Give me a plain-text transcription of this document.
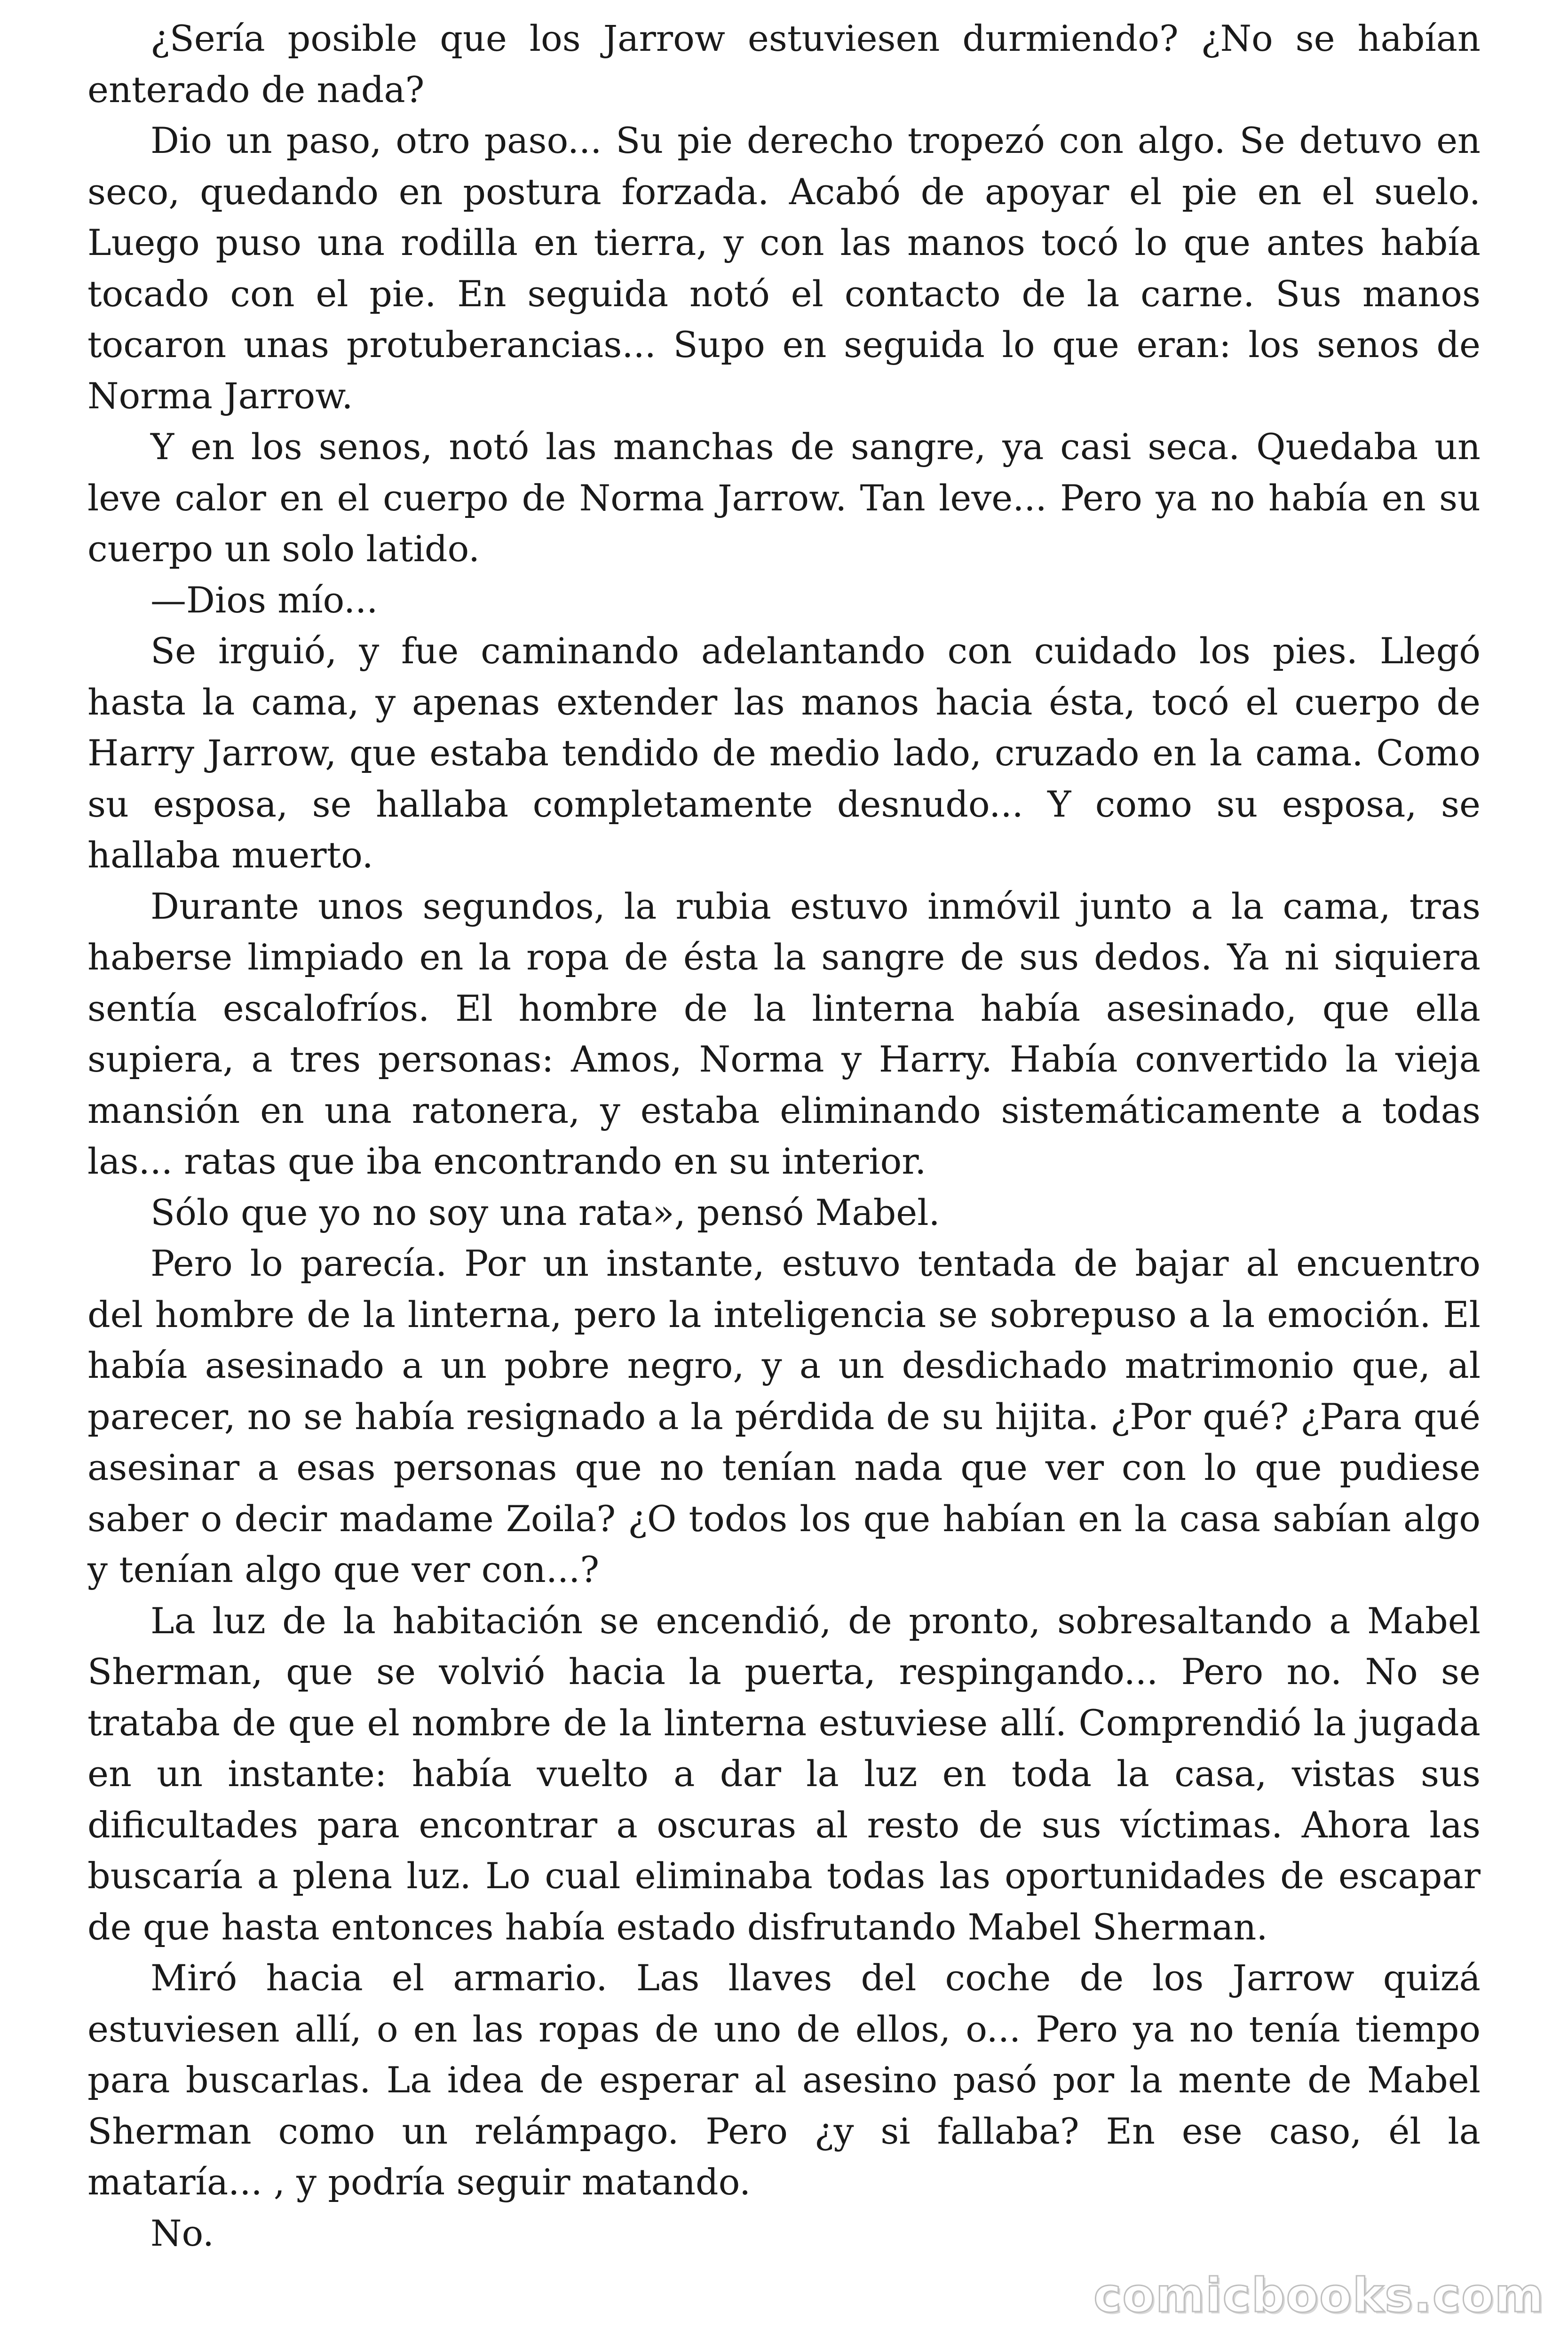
¿Sería posible que los Jarrow estuviesen durmiendo? ¿No se habían enterado de nada?

Dio un paso, otro paso... Su pie derecho tropezó con algo. Se detuvo en seco, quedando en postura forzada. Acabó de apoyar el pie en el suelo. Luego puso una rodilla en tierra, y con las manos tocó lo que antes había tocado con el pie. En seguida notó el contacto de la carne. Sus manos tocaron unas protuberancias... Supo en seguida lo que eran: los senos de Norma Jarrow.

Y en los senos, notó las manchas de sangre, ya casi seca. Quedaba un leve calor en el cuerpo de Norma Jarrow. Tan leve... Pero ya no había en su cuerpo un solo latido.

—Dios mío...

Se irguió, y fue caminando adelantando con cuidado los pies. Llegó hasta la cama, y apenas extender las manos hacia ésta, tocó el cuerpo de Harry Jarrow, que estaba tendido de medio lado, cruzado en la cama. Como su esposa, se hallaba completamente desnudo... Y como su esposa, se hallaba muerto.

Durante unos segundos, la rubia estuvo inmóvil junto a la cama, tras haberse limpiado en la ropa de ésta la sangre de sus dedos. Ya ni siquiera sentía escalofríos. El hombre de la linterna había asesinado, que ella supiera, a tres personas: Amos, Norma y Harry. Había convertido la vieja mansión en una ratonera, y estaba eliminando sistemáticamente a todas las... ratas que iba encontrando en su interior.

Sólo que yo no soy una rata», pensó Mabel.

Pero lo parecía. Por un instante, estuvo tentada de bajar al encuentro del hombre de la linterna, pero la inteligencia se sobrepuso a la emoción. El había asesinado a un pobre negro, y a un desdichado matrimonio que, al parecer, no se había resignado a la pérdida de su hijita. ¿Por qué? ¿Para qué asesinar a esas personas que no tenían nada que ver con lo que pudiese saber o decir madame Zoila? ¿O todos los que habían en la casa sabían algo y tenían algo que ver con...?

La luz de la habitación se encendió, de pronto, sobresaltando a Mabel Sherman, que se volvió hacia la puerta, respingando... Pero no. No se trataba de que el nombre de la linterna estuviese allí. Comprendió la jugada en un instante: había vuelto a dar la luz en toda la casa, vistas sus dificultades para encontrar a oscuras al resto de sus víctimas. Ahora las buscaría a plena luz. Lo cual eliminaba todas las oportunidades de escapar de que hasta entonces había estado disfrutando Mabel Sherman.

Miró hacia el armario. Las llaves del coche de los Jarrow quizá estuviesen allí, o en las ropas de uno de ellos, o... Pero ya no tenía tiempo para buscarlas. La idea de esperar al asesino pasó por la mente de Mabel Sherman como un relámpago. Pero ¿y si fallaba? En ese caso, él la mataría... , y podría seguir matando.

No.

comicbooks.com
